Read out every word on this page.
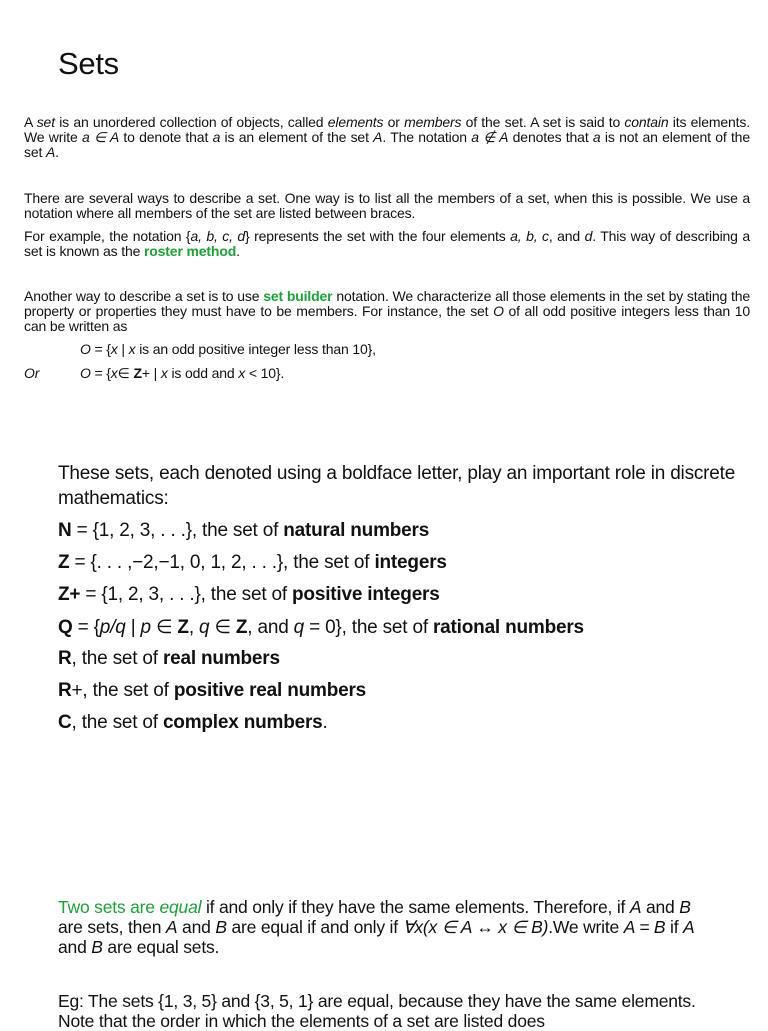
Sets
A set is an unordered collection of objects, called elements or members of the set. A set is said to contain its elements. We write a ∈ A to denote that a is an element of the set A. The notation a ∉ A denotes that a is not an element of the set A.
There are several ways to describe a set. One way is to list all the members of a set, when this is possible. We use a notation where all members of the set are listed between braces.
For example, the notation {a, b, c, d} represents the set with the four elements a, b, c, and d. This way of describing a set is known as the roster method.
Another way to describe a set is to use set builder notation. We characterize all those elements in the set by stating the property or properties they must have to be members. For instance, the set O of all odd positive integers less than 10 can be written as
O = {x | x is an odd positive integer less than 10},
Or	O = {x∈ Z+ | x is odd and x < 10}.
These sets, each denoted using a boldface letter, play an important role in discrete mathematics:
N = {1, 2, 3, . . .}, the set of natural numbers
Z = {. . . ,−2,−1, 0, 1, 2, . . .}, the set of integers
Z+ = {1, 2, 3, . . .}, the set of positive integers
Q = {p/q | p ∈ Z, q ∈ Z, and q = 0}, the set of rational numbers
R, the set of real numbers
R+, the set of positive real numbers
C, the set of complex numbers.
Two sets are equal if and only if they have the same elements. Therefore, if A and B are sets, then A and B are equal if and only if ∀x(x ∈ A ↔ x ∈ B).We write A = B if A and B are equal sets.
Eg: The sets {1, 3, 5} and {3, 5, 1} are equal, because they have the same elements. Note that the order in which the elements of a set are listed does
